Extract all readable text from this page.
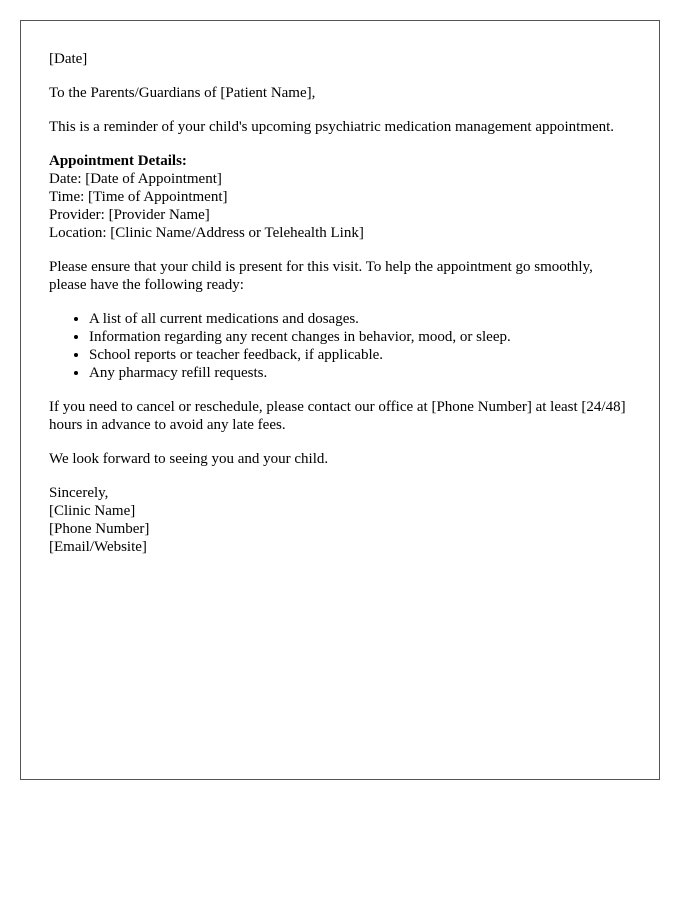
[Date]

To the Parents/Guardians of [Patient Name],

This is a reminder of your child's upcoming psychiatric medication management appointment.

Appointment Details:
Date: [Date of Appointment]
Time: [Time of Appointment]
Provider: [Provider Name]
Location: [Clinic Name/Address or Telehealth Link]

Please ensure that your child is present for this visit. To help the appointment go smoothly, please have the following ready:

• A list of all current medications and dosages.
• Information regarding any recent changes in behavior, mood, or sleep.
• School reports or teacher feedback, if applicable.
• Any pharmacy refill requests.

If you need to cancel or reschedule, please contact our office at [Phone Number] at least [24/48] hours in advance to avoid any late fees.

We look forward to seeing you and your child.

Sincerely,
[Clinic Name]
[Phone Number]
[Email/Website]
